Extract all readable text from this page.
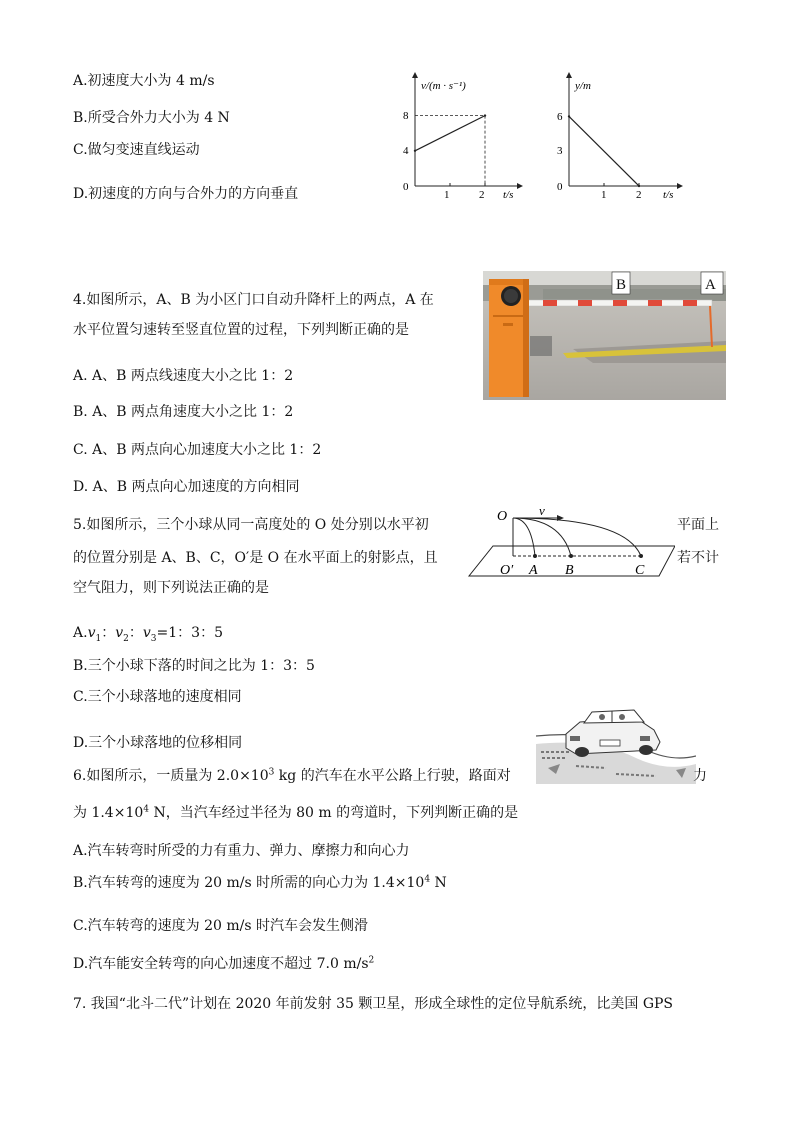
A.初速度大小为 4 m/s
B.所受合外力大小为 4 N
C.做匀变速直线运动
D.初速度的方向与合外力的方向垂直
v/(m · s⁻¹)
8
4
0
1	2 t/s
y/m
6
3
0
1	2 t/s
4.如图所示，A、B 为小区门口自动升降杆上的两点，A 在
水平位置匀速转至竖直位置的过程，下列判断正确的是
B	A
A. A、B 两点线速度大小之比 1：2
B. A、B 两点角速度大小之比 1：2
C. A、B 两点向心加速度大小之比 1：2
D. A、B 两点向心加速度的方向相同
5.如图所示，三个小球从同一高度处的 O 处分别以水平初	平面上
的位置分别是 A、B、C，O′是 O 在水平面上的射影点，且	若不计
空气阻力，则下列说法正确的是
O v
O′ A B	C
$A.v_1$：$v_2$：$v_3=1$：3：5
B.三个小球下落的时间之比为 1：3：5
C.三个小球落地的速度相同
D.三个小球落地的位移相同
6.如图所示，一质量为 $2.0\times 10^3$ kg 的汽车在水平公路上行驶，路面对	力
为 $1.4\times 10^4$ N，当汽车经过半径为 80 m 的弯道时，下列判断正确的是
A.汽车转弯时所受的力有重力、弹力、摩擦力和向心力
B.汽车转弯的速度为 20 m/s 时所需的向心力为 $1.4\times 10^4$ N
C.汽车转弯的速度为 20 m/s 时汽车会发生侧滑
D.汽车能安全转弯的向心加速度不超过 7.0 $m/s^2$
7. 我国“北斗二代”计划在 2020 年前发射 35 颗卫星，形成全球性的定位导航系统，比美国 GPS
